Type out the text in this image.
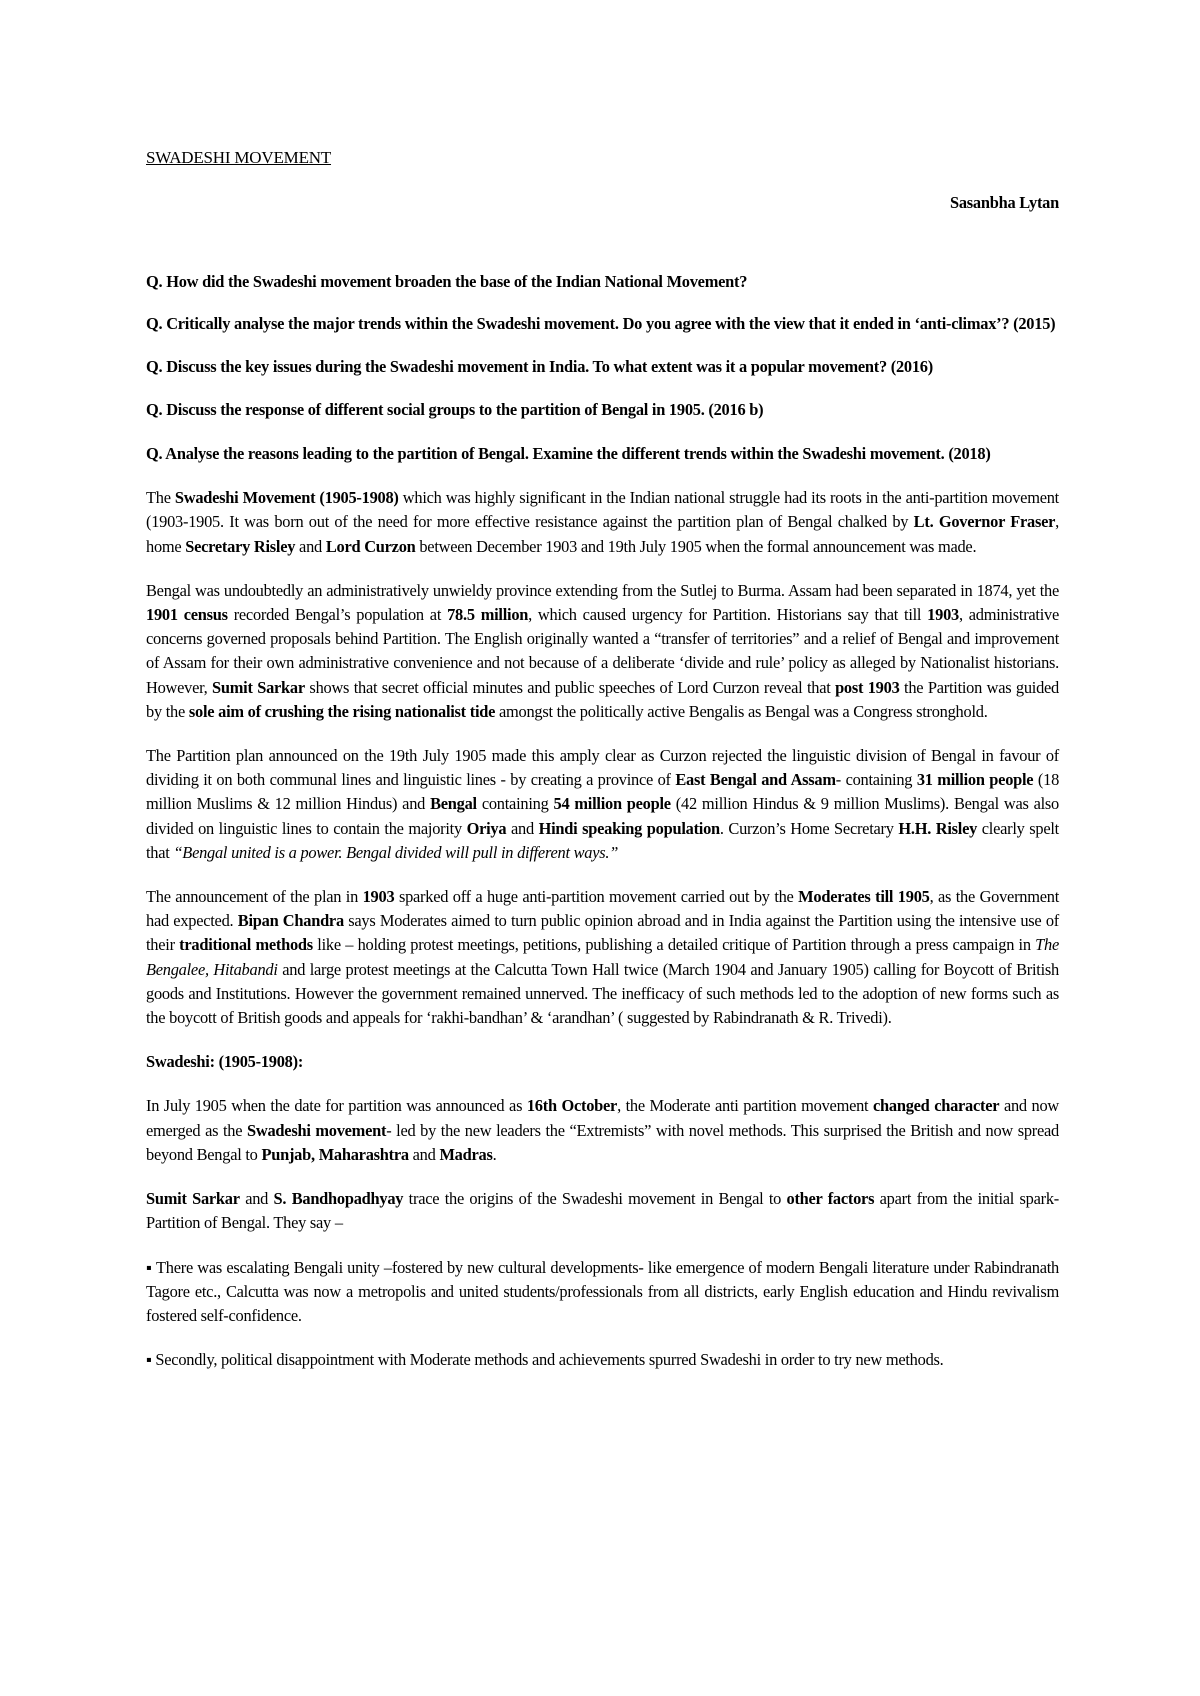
SWADESHI MOVEMENT
Sasanbha Lytan

Q. How did the Swadeshi movement broaden the base of the Indian National Movement?

Q. Critically analyse the major trends within the Swadeshi movement. Do you agree with the view that it ended in ‘anti-climax’? (2015)

Q. Discuss the key issues during the Swadeshi movement in India. To what extent was it a popular movement? (2016)

Q. Discuss the response of different social groups to the partition of Bengal in 1905. (2016 b)

Q. Analyse the reasons leading to the partition of Bengal. Examine the different trends within the Swadeshi movement. (2018)

The Swadeshi Movement (1905-1908) which was highly significant in the Indian national struggle had its roots in the anti-partition movement (1903-1905. It was born out of the need for more effective resistance against the partition plan of Bengal chalked by Lt. Governor Fraser, home Secretary Risley and Lord Curzon between December 1903 and 19th July 1905 when the formal announcement was made.

Bengal was undoubtedly an administratively unwieldy province extending from the Sutlej to Burma. Assam had been separated in 1874, yet the 1901 census recorded Bengal’s population at 78.5 million, which caused urgency for Partition. Historians say that till 1903, administrative concerns governed proposals behind Partition. The English originally wanted a “transfer of territories” and a relief of Bengal and improvement of Assam for their own administrative convenience and not because of a deliberate ‘divide and rule’ policy as alleged by Nationalist historians. However, Sumit Sarkar shows that secret official minutes and public speeches of Lord Curzon reveal that post 1903 the Partition was guided by the sole aim of crushing the rising nationalist tide amongst the politically active Bengalis as Bengal was a Congress stronghold.

The Partition plan announced on the 19th July 1905 made this amply clear as Curzon rejected the linguistic division of Bengal in favour of dividing it on both communal lines and linguistic lines - by creating a province of East Bengal and Assam- containing 31 million people (18 million Muslims & 12 million Hindus) and Bengal containing 54 million people (42 million Hindus & 9 million Muslims). Bengal was also divided on linguistic lines to contain the majority Oriya and Hindi speaking population. Curzon’s Home Secretary H.H. Risley clearly spelt that “Bengal united is a power. Bengal divided will pull in different ways.”

The announcement of the plan in 1903 sparked off a huge anti-partition movement carried out by the Moderates till 1905, as the Government had expected. Bipan Chandra says Moderates aimed to turn public opinion abroad and in India against the Partition using the intensive use of their traditional methods like – holding protest meetings, petitions, publishing a detailed critique of Partition through a press campaign in The Bengalee, Hitabandi and large protest meetings at the Calcutta Town Hall twice (March 1904 and January 1905) calling for Boycott of British goods and Institutions. However the government remained unnerved. The inefficacy of such methods led to the adoption of new forms such as the boycott of British goods and appeals for ‘rakhi-bandhan’ & ‘arandhan’ ( suggested by Rabindranath & R. Trivedi).

Swadeshi: (1905-1908):

In July 1905 when the date for partition was announced as 16th October, the Moderate anti partition movement changed character and now emerged as the Swadeshi movement- led by the new leaders the “Extremists” with novel methods. This surprised the British and now spread beyond Bengal to Punjab, Maharashtra and Madras.

Sumit Sarkar and S. Bandhopadhyay trace the origins of the Swadeshi movement in Bengal to other factors apart from the initial spark-Partition of Bengal. They say –

▪ There was escalating Bengali unity –fostered by new cultural developments- like emergence of modern Bengali literature under Rabindranath Tagore etc., Calcutta was now a metropolis and united students/professionals from all districts, early English education and Hindu revivalism fostered self-confidence.

▪ Secondly, political disappointment with Moderate methods and achievements spurred Swadeshi in order to try new methods.
